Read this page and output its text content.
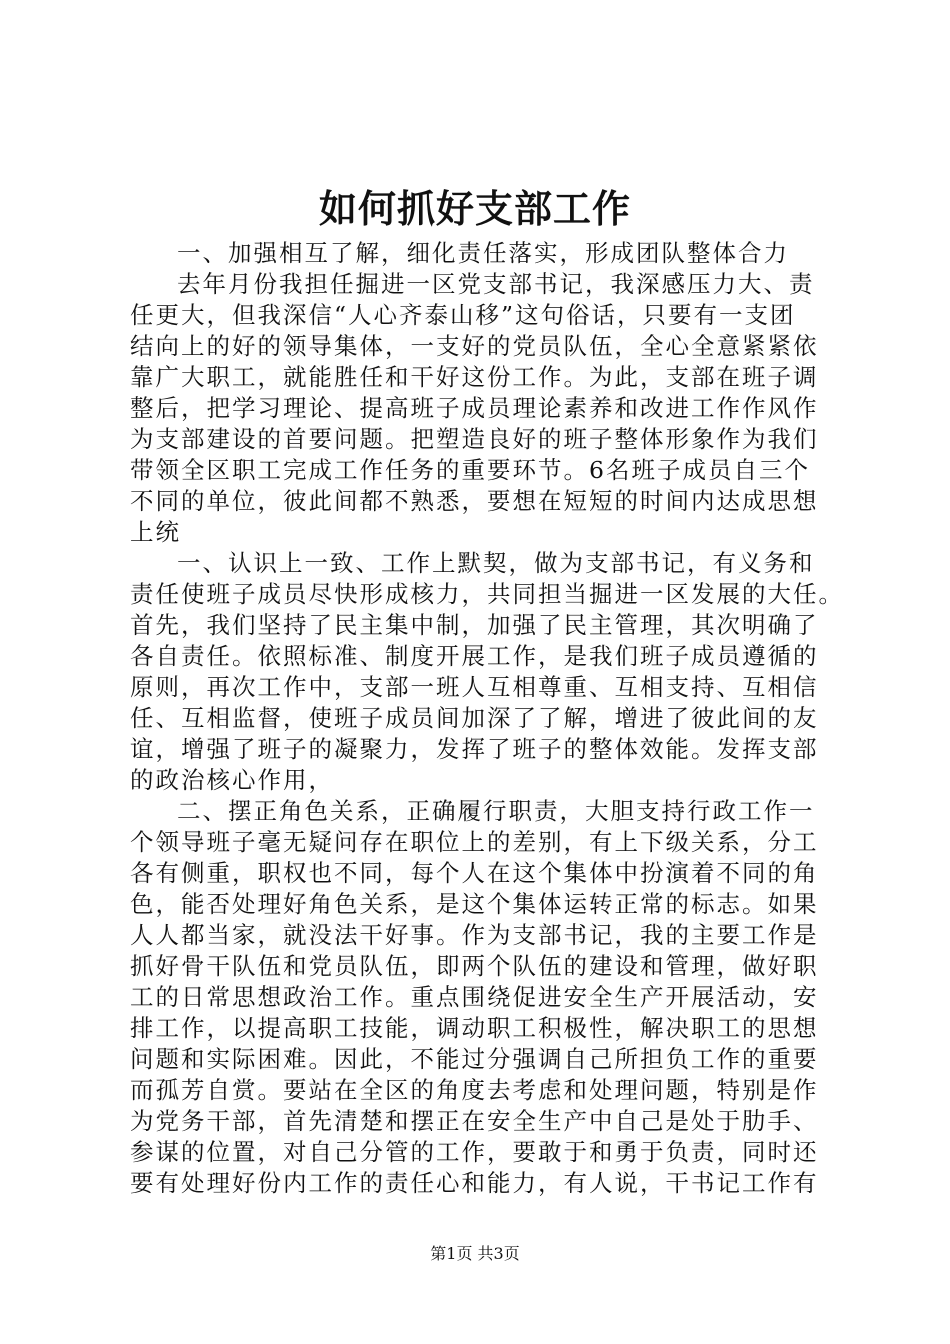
如何抓好支部工作
一、加强相互了解，细化责任落实，形成团队整体合力
去年月份我担任掘进一区党支部书记，我深感压力大、责
任更大，但我深信“人心齐泰山移”这句俗话，只要有一支团
结向上的好的领导集体，一支好的党员队伍，全心全意紧紧依
靠广大职工，就能胜任和干好这份工作。为此，支部在班子调
整后，把学习理论、提高班子成员理论素养和改进工作作风作
为支部建设的首要问题。把塑造良好的班子整体形象作为我们
带领全区职工完成工作任务的重要环节。6名班子成员自三个
不同的单位，彼此间都不熟悉，要想在短短的时间内达成思想
上统
一、认识上一致、工作上默契，做为支部书记，有义务和
责任使班子成员尽快形成核力，共同担当掘进一区发展的大任。
首先，我们坚持了民主集中制，加强了民主管理，其次明确了
各自责任。依照标准、制度开展工作，是我们班子成员遵循的
原则，再次工作中，支部一班人互相尊重、互相支持、互相信
任、互相监督，使班子成员间加深了了解，增进了彼此间的友
谊，增强了班子的凝聚力，发挥了班子的整体效能。发挥支部
的政治核心作用，
二、摆正角色关系，正确履行职责，大胆支持行政工作一
个领导班子毫无疑问存在职位上的差别，有上下级关系，分工
各有侧重，职权也不同，每个人在这个集体中扮演着不同的角
色，能否处理好角色关系，是这个集体运转正常的标志。如果
人人都当家，就没法干好事。作为支部书记，我的主要工作是
抓好骨干队伍和党员队伍，即两个队伍的建设和管理，做好职
工的日常思想政治工作。重点围绕促进安全生产开展活动，安
排工作，以提高职工技能，调动职工积极性，解决职工的思想
问题和实际困难。因此，不能过分强调自己所担负工作的重要
而孤芳自赏。要站在全区的角度去考虑和处理问题，特别是作
为党务干部，首先清楚和摆正在安全生产中自己是处于肋手、
参谋的位置，对自己分管的工作，要敢于和勇于负责，同时还
要有处理好份内工作的责任心和能力，有人说，干书记工作有
第1页 共3页
